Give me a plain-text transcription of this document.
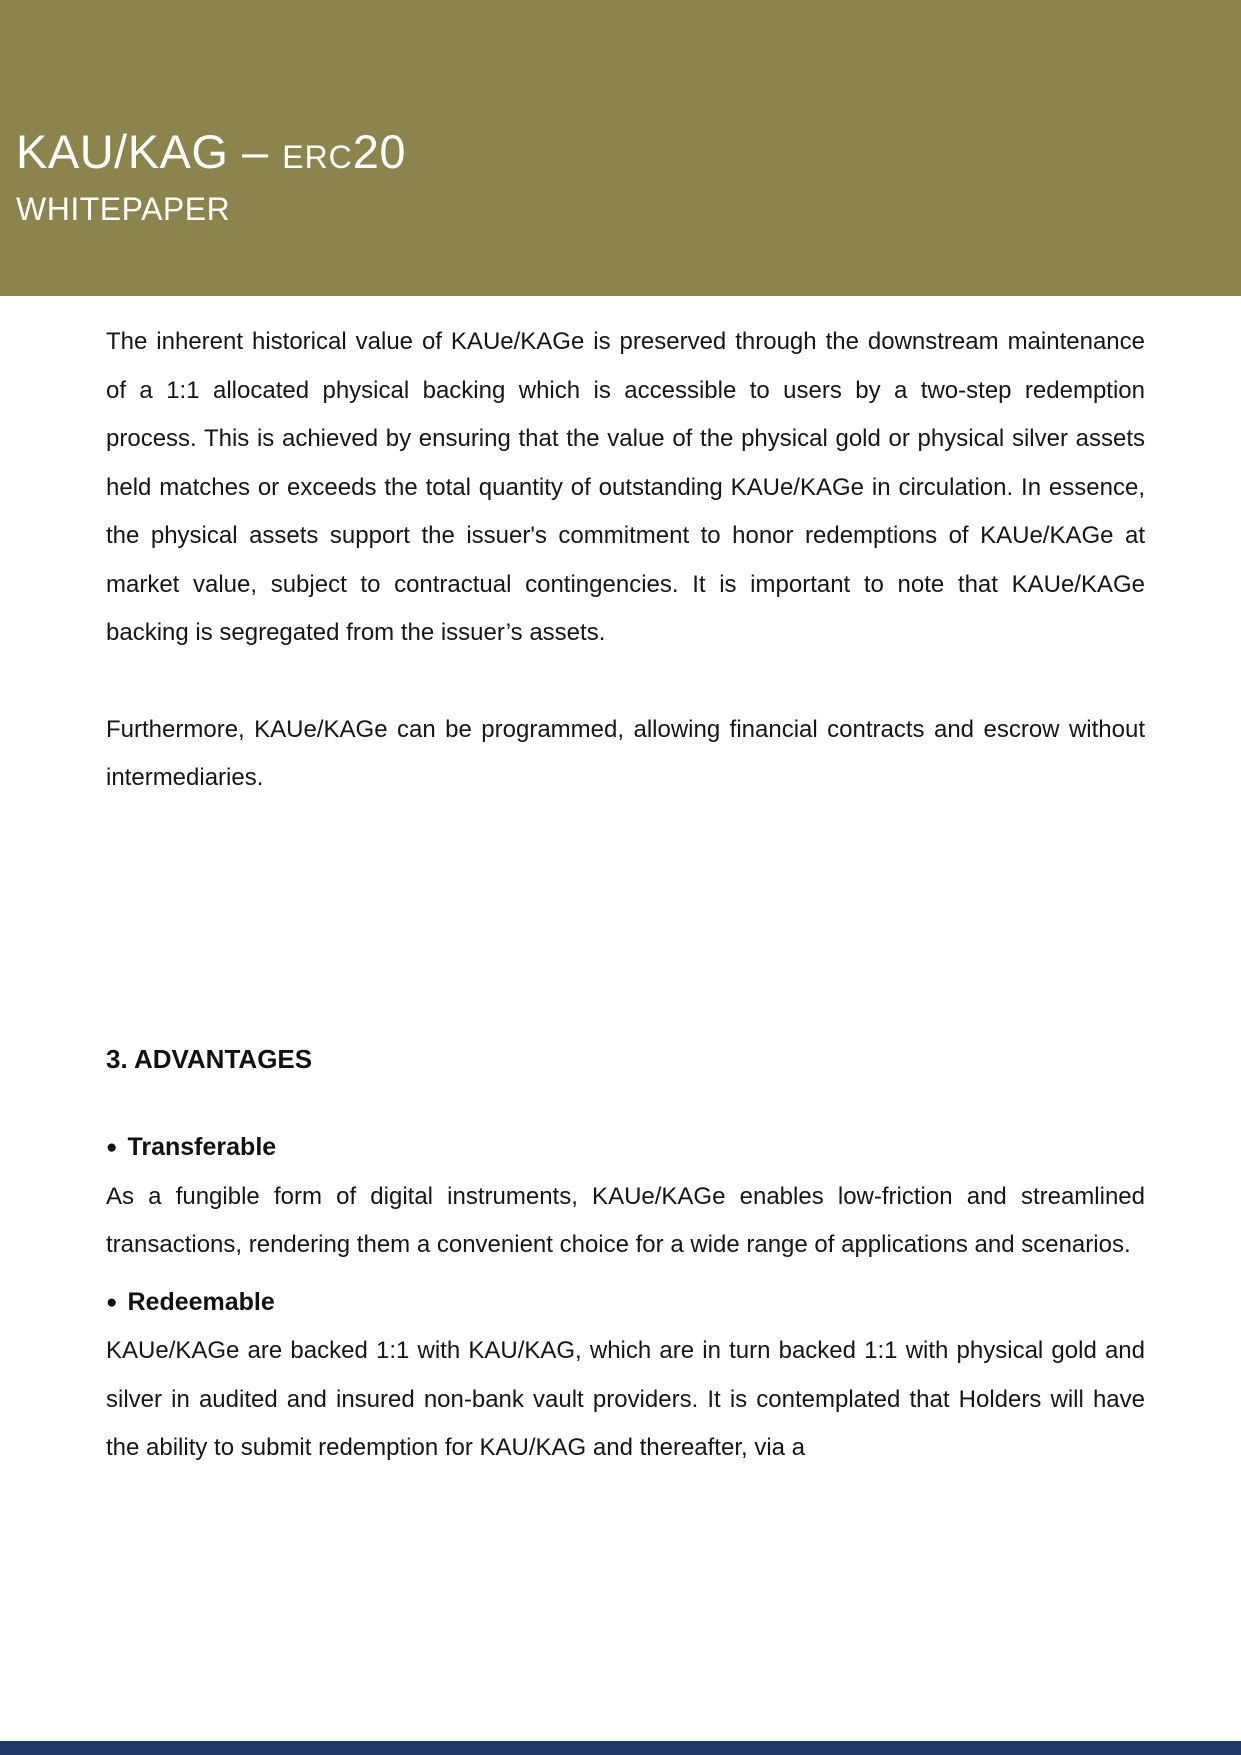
KAU/KAG – ERC20
WHITEPAPER

The inherent historical value of KAUe/KAGe is preserved through the downstream maintenance of a 1:1 allocated physical backing which is accessible to users by a two-step redemption process. This is achieved by ensuring that the value of the physical gold or physical silver assets held matches or exceeds the total quantity of outstanding KAUe/KAGe in circulation. In essence, the physical assets support the issuer's commitment to honor redemptions of KAUe/KAGe at market value, subject to contractual contingencies. It is important to note that KAUe/KAGe backing is segregated from the issuer’s assets.

Furthermore, KAUe/KAGe can be programmed, allowing financial contracts and escrow without intermediaries.

3. ADVANTAGES

● Transferable

As a fungible form of digital instruments, KAUe/KAGe enables low-friction and streamlined transactions, rendering them a convenient choice for a wide range of applications and scenarios.

● Redeemable

KAUe/KAGe are backed 1:1 with KAU/KAG, which are in turn backed 1:1 with physical gold and silver in audited and insured non-bank vault providers. It is contemplated that Holders will have the ability to submit redemption for KAU/KAG and thereafter, via a
